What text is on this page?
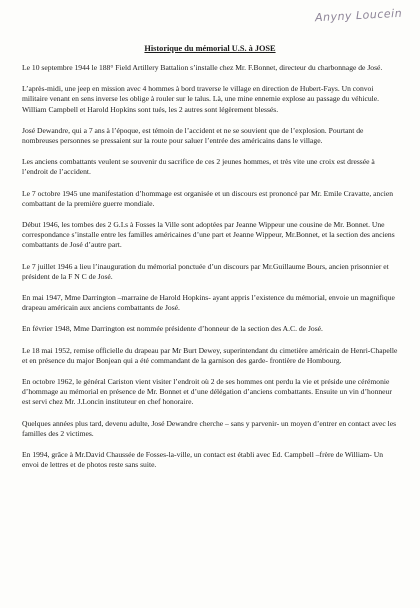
Anyny Loucein
Historique du mémorial U.S. à JOSE

Le 10 septembre 1944 le 188° Field Artillery Battalion s’installe chez Mr. F.Bonnet, directeur du charbonnage de José.

L’après-midi, une jeep en mission avec 4 hommes à bord traverse le village en direction de Hubert-Fays. Un convoi militaire venant en sens inverse les oblige à rouler sur le talus. Là, une mine ennemie explose au passage du véhicule. William Campbell et Harold Hopkins sont tués, les 2 autres sont légèrement blessés.

José Dewandre, qui a 7 ans à l’époque, est témoin de l’accident et ne se souvient que de l’explosion. Pourtant de nombreuses personnes se pressaient sur la route pour saluer l’entrée des américains dans le village.

Les anciens combattants veulent se souvenir du sacrifice de ces 2 jeunes hommes, et très vite une croix est dressée à l’endroit de l’accident.

Le 7 octobre 1945 une manifestation d’hommage est organisée et un discours est prononcé par Mr. Emile Cravatte, ancien combattant de la première guerre mondiale.

Début 1946, les tombes des 2 G.I.s à Fosses la Ville sont adoptées par Jeanne Wippeur une cousine de Mr. Bonnet. Une correspondance s’installe entre les familles américaines d’une part et Jeanne Wippeur, Mr.Bonnet, et la section des anciens combattants de José d’autre part.

Le 7 juillet 1946 a lieu l’inauguration du mémorial ponctuée d’un discours par Mr.Guillaume Bours, ancien prisonnier et président de la F N C de José.

En mai 1947, Mme Darrington –marraine de Harold Hopkins- ayant appris l’existence du mémorial, envoie un magnifique drapeau américain aux anciens combattants de José.

En février 1948, Mme Darrington est nommée présidente d’honneur de la section des A.C. de José.

Le 18 mai 1952, remise officielle du drapeau par Mr Burt Dewey, superintendant du cimetière américain de Henri-Chapelle et en présence du major Bonjean qui a été commandant de la garnison des garde- frontière de Hombourg.

En octobre 1962, le général Cariston vient visiter l’endroit où 2 de ses hommes ont perdu la vie et préside une cérémonie d’hommage au mémorial en présence de Mr. Bonnet et d’une délégation d’anciens combattants. Ensuite un vin d’honneur est servi chez Mr. J.Loncin instituteur en chef honoraire.

Quelques années plus tard, devenu adulte, José Dewandre cherche – sans y parvenir- un moyen d’entrer en contact avec les familles des 2 victimes.

En 1994, grâce à Mr.David Chaussée de Fosses-la-ville, un contact est établi avec Ed. Campbell –frère de William- Un envoi de lettres et de photos reste sans suite.
